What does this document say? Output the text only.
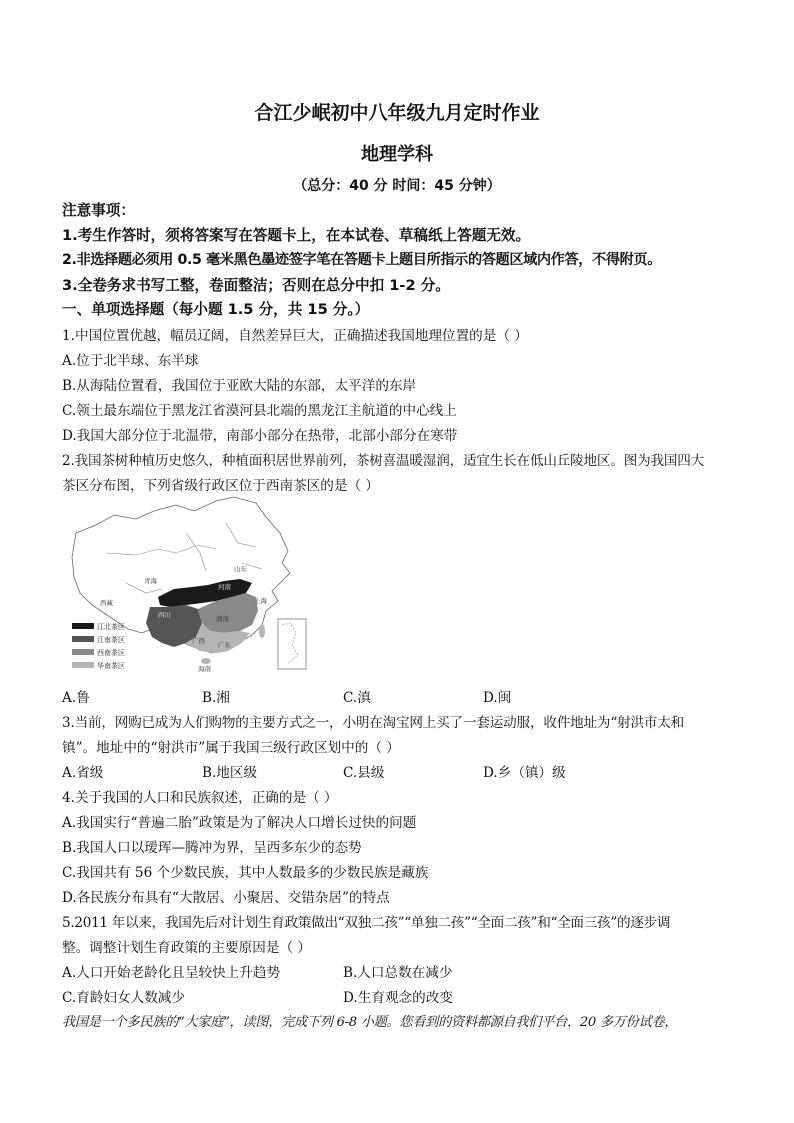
合江少岷初中八年级九月定时作业
地理学科
（总分：40 分 时间：45 分钟）
注意事项：
1.考生作答时，须将答案写在答题卡上，在本试卷、草稿纸上答题无效。
2.非选择题必须用 0.5 毫米黑色墨迹签字笔在答题卡上题目所指示的答题区域内作答，不得附页。
3.全卷务求书写工整，卷面整洁；否则在总分中扣 1-2 分。
一、单项选择题（每小题 1.5 分，共 15 分。）
1.中国位置优越，幅员辽阔，自然差异巨大，正确描述我国地理位置的是（ ）
A.位于北半球、东半球
B.从海陆位置看，我国位于亚欧大陆的东部，太平洋的东岸
C.领土最东端位于黑龙江省漠河县北端的黑龙江主航道的中心线上
D.我国大部分位于北温带，南部小部分在热带，北部小部分在寒带
2.我国茶树种植历史悠久，种植面积居世界前列，茶树喜温暖湿润，适宜生长在低山丘陵地区。图为我国四大
茶区分布图，下列省级行政区位于西南茶区的是（ ）
江北茶区
江南茶区
西南茶区
华南茶区
青海
西藏
四川
河南
山东
上海
湖南
广西 广东
海南
A.鲁	B.湘	C.滇	D.闽
3.当前，网购已成为人们购物的主要方式之一，小明在淘宝网上买了一套运动服，收件地址为“射洪市太和
镇”。地址中的“射洪市”属于我国三级行政区划中的（ ）
A.省级	B.地区级	C.县级	D.乡（镇）级
4.关于我国的人口和民族叙述，正确的是（ ）
A.我国实行“普遍二胎”政策是为了解决人口增长过快的问题
B.我国人口以瑷珲—腾冲为界，呈西多东少的态势
C.我国共有 56 个少数民族，其中人数最多的少数民族是藏族
D.各民族分布具有“大散居、小聚居、交错杂居”的特点
5.2011 年以来，我国先后对计划生育政策做出“双独二孩”“单独二孩”“全面二孩”和“全面三孩”的逐步调
整。调整计划生育政策的主要原因是（ ）
A.人口开始老龄化且呈较快上升趋势	B.人口总数在减少
C.育龄妇女人数减少	D.生育观念的改变
我国是一个多民族的“大家庭”，读图，完成下列 6-8 小题。您看到的资料都源自我们平台，20 多万份试卷，
